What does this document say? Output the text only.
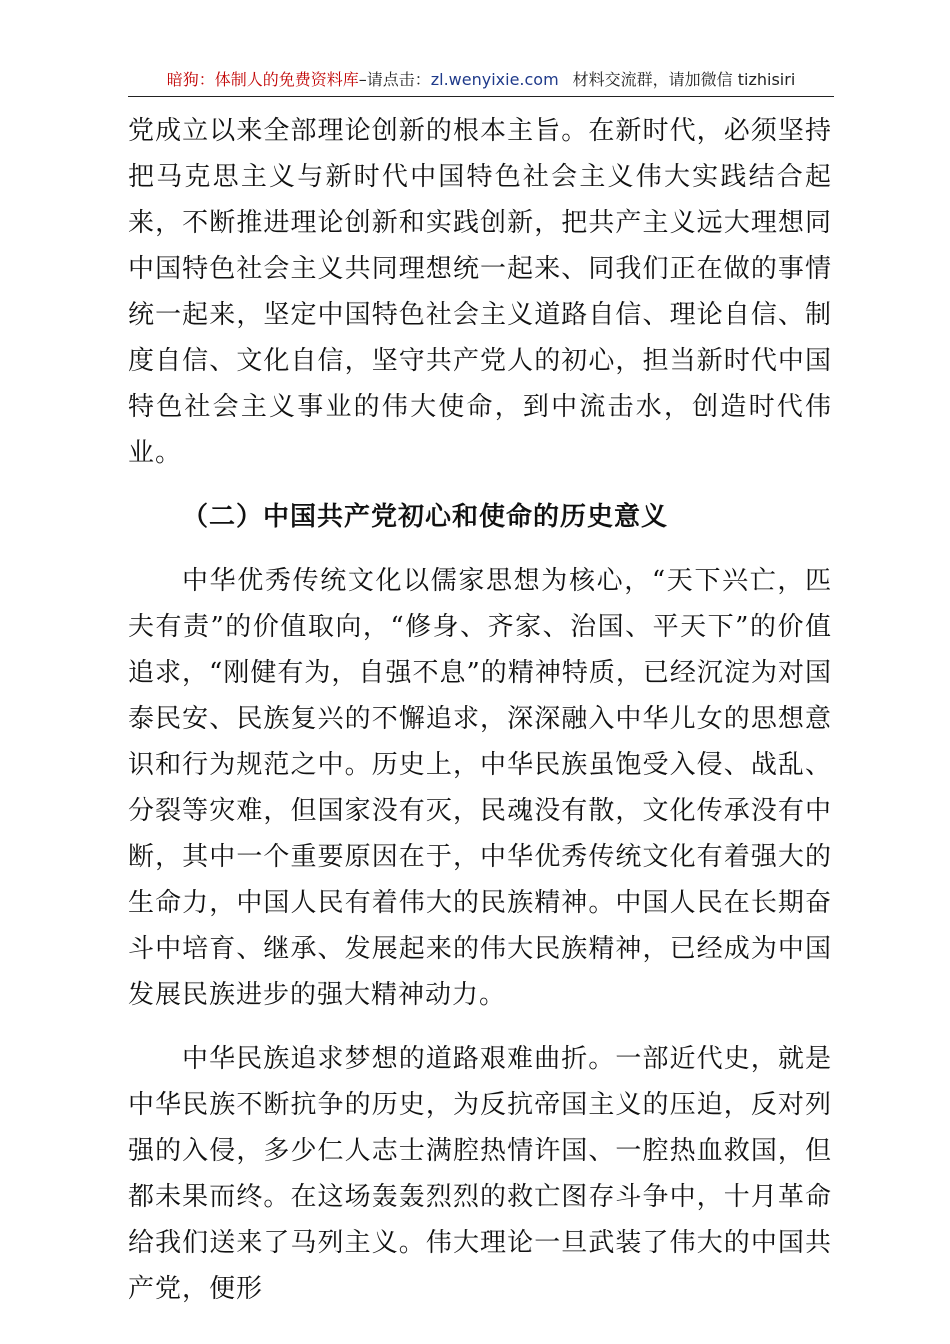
暗狗：体制人的免费资料库–请点击：zl.wenyixie.com 材料交流群，请加微信 tizhisiri

党成立以来全部理论创新的根本主旨。在新时代，必须坚持把马克思主义与新时代中国特色社会主义伟大实践结合起来，不断推进理论创新和实践创新，把共产主义远大理想同中国特色社会主义共同理想统一起来、同我们正在做的事情统一起来，坚定中国特色社会主义道路自信、理论自信、制度自信、文化自信，坚守共产党人的初心，担当新时代中国特色社会主义事业的伟大使命，到中流击水，创造时代伟业。

（二）中国共产党初心和使命的历史意义

中华优秀传统文化以儒家思想为核心，“天下兴亡，匹夫有责”的价值取向，“修身、齐家、治国、平天下”的价值追求，“刚健有为，自强不息”的精神特质，已经沉淀为对国泰民安、民族复兴的不懈追求，深深融入中华儿女的思想意识和行为规范之中。历史上，中华民族虽饱受入侵、战乱、分裂等灾难，但国家没有灭，民魂没有散，文化传承没有中断，其中一个重要原因在于，中华优秀传统文化有着强大的生命力，中国人民有着伟大的民族精神。中国人民在长期奋斗中培育、继承、发展起来的伟大民族精神，已经成为中国发展民族进步的强大精神动力。

中华民族追求梦想的道路艰难曲折。一部近代史，就是中华民族不断抗争的历史，为反抗帝国主义的压迫，反对列强的入侵，多少仁人志士满腔热情许国、一腔热血救国，但都未果而终。在这场轰轰烈烈的救亡图存斗争中，十月革命给我们送来了马列主义。伟大理论一旦武装了伟大的中国共产党，便形
